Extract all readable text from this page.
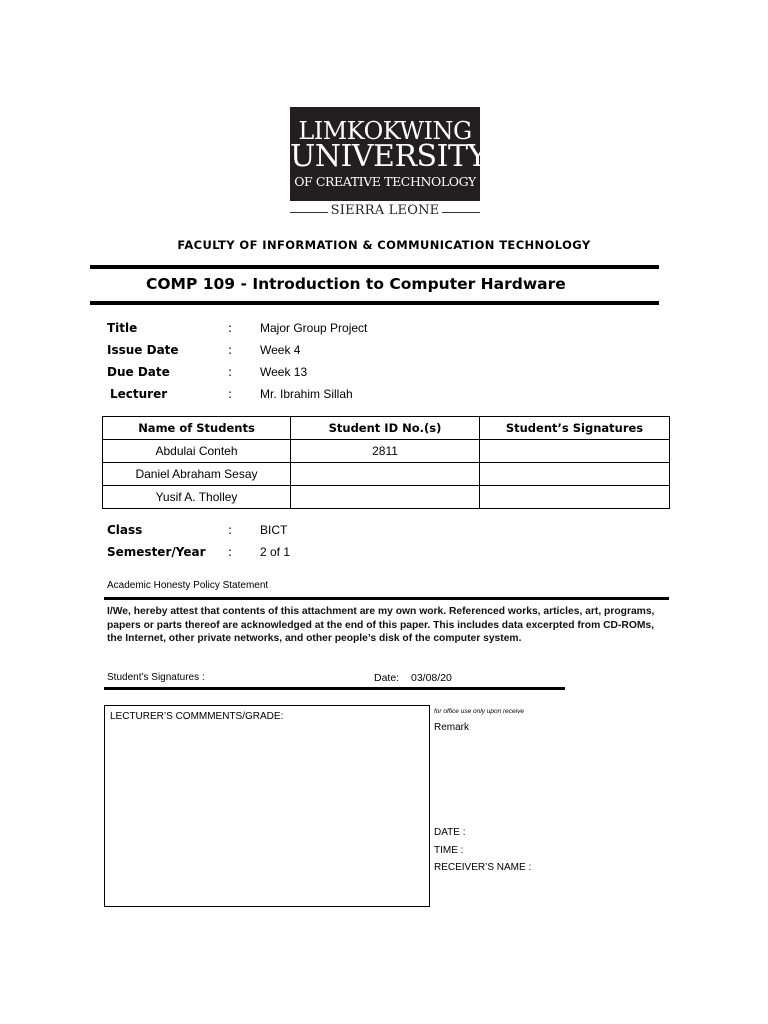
LIMKOKWING
UNIVERSITY
OF CREATIVE TECHNOLOGY
SIERRA LEONE
FACULTY OF INFORMATION & COMMUNICATION TECHNOLOGY
COMP 109 - Introduction to Computer Hardware
Title	: Major Group Project
Issue Date	: Week 4
Due Date	: Week 13
Lecturer	: Mr. Ibrahim Sillah
Name of Students	Student ID No.(s)	Student’s Signatures
Abdulai Conteh	2811	
Daniel Abraham Sesay		
Yusif A. Tholley		
Class	: BICT
Semester/Year : 2 of 1
Academic Honesty Policy Statement
I/We, hereby attest that contents of this attachment are my own work. Referenced works, articles, art, programs, papers or parts thereof are acknowledged at the end of this paper. This includes data excerpted from CD-ROMs, the Internet, other private networks, and other people’s disk of the computer system.
Student’s Signatures :	Date: 03/08/20
LECTURER’S COMMMENTS/GRADE:	for office use only upon receive
Remark
DATE :
TIME :
RECEIVER’S NAME :
